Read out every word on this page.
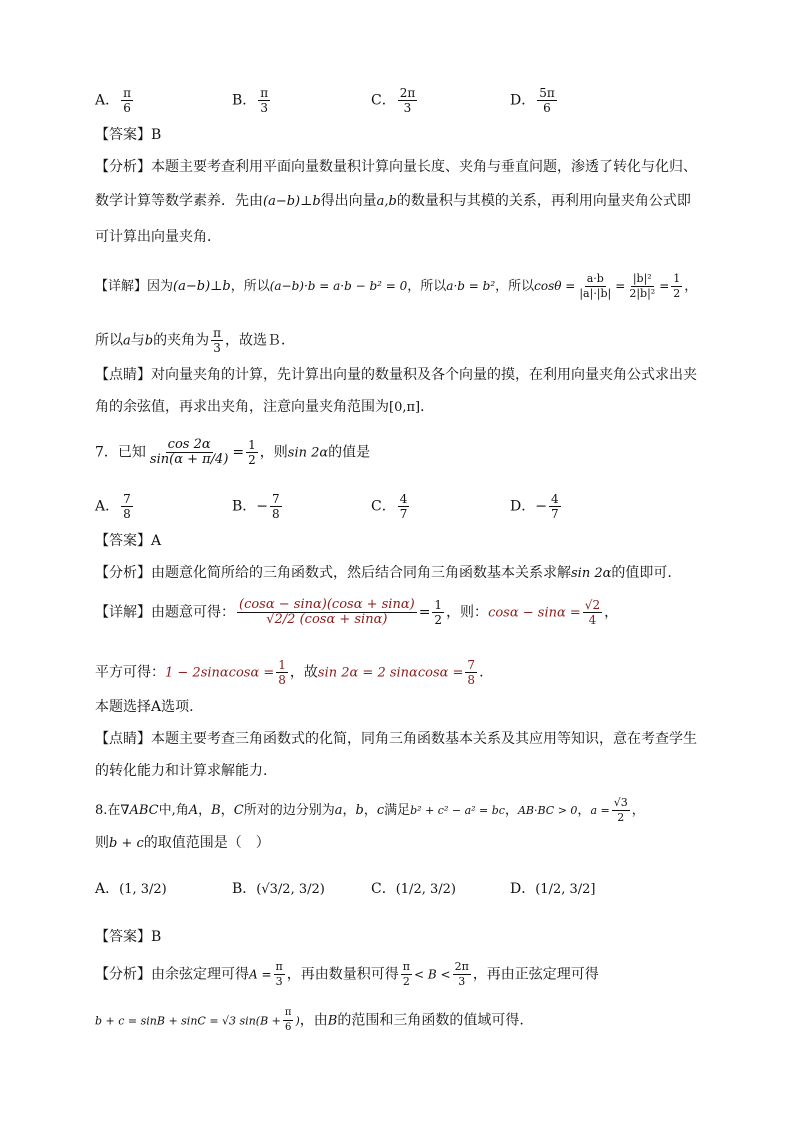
A． $\frac{\pi}{6}$	B． $\frac{\pi}{3}$	C． $\frac{2\pi}{3}$	D． $\frac{5\pi}{6}$
【答案】B
【分析】本题主要考查利用平面向量数量积计算向量长度、夹角与垂直问题，渗透了转化与化归、
数学计算等数学素养．先由(a−b)⊥b得出向量a,b的数量积与其模的关系，再利用向量夹角公式即
可计算出向量夹角．
【详解】因为(a−b)⊥b，所以(a−b)·b = a·b − b² = 0，所以a·b = b²，所以$\cos\theta = \frac{a\cdot b}{|a|\cdot|b|} = \frac{\text{|b|²}}{\text{2|b|²}} = \frac{1}{2}$ ，
所以a与b的夹角为 $\frac{\pi}{3}$ ，故选Ｂ．
【点睛】对向量夹角的计算，先计算出向量的数量积及各个向量的摸，在利用向量夹角公式求出夹
角的余弦值，再求出夹角，注意向量夹角范围为[0,π]．
7．已知 $\frac{\cos 2\alpha}{\sin(\alpha + \pi/4)} = \frac{1}{2}$ ，则sin 2α的值是
A． $\frac{7}{8}$	B．− $\frac{7}{8}$	C． $\frac{4}{7}$	D．− $\frac{4}{7}$
【答案】A
【分析】由题意化简所给的三角函数式，然后结合同角三角函数基本关系求解sin 2α的值即可.
【详解】由题意可得： $\frac{(\cos\alpha - \sin\alpha)(\cos\alpha + \sin\alpha)}{√2/2 (\cos\alpha + \sin\alpha)} = \frac{1}{2}$ ，则：$\cos\alpha - \sin\alpha = \frac{√2}{4}$ ，
平方可得：$1 - 2\sin\alpha\cos\alpha = \frac{1}{8}$ ，故sin 2α = 2 $\sin\alpha\cos\alpha = \frac{7}{8}$ .
本题选择A选项.
【点睛】本题主要考查三角函数式的化简，同角三角函数基本关系及其应用等知识，意在考查学生
的转化能力和计算求解能力.
8.在∇ABC中,角A，B，C所对的边分别为a，b，c满足b² + c² − a² = bc，AB·BC > 0，$a = \frac{√3}{2}$ ，
则b + c的取值范围是（　）
A．(1, 3/2)	B．(√3/2, 3/2)	C．(1/2, 3/2)	D．(1/2, 3/2]
【答案】B
【分析】由余弦定理可得$A = \frac{\pi}{3}$ ，再由数量积可得 $\frac{\pi}{2} < B < \frac{2\pi}{3}$ ，再由正弦定理可得
b + c = sinB + sinC = √3 $\sin(B + \frac{\pi}{6}$ )，由B的范围和三角函数的值域可得.
